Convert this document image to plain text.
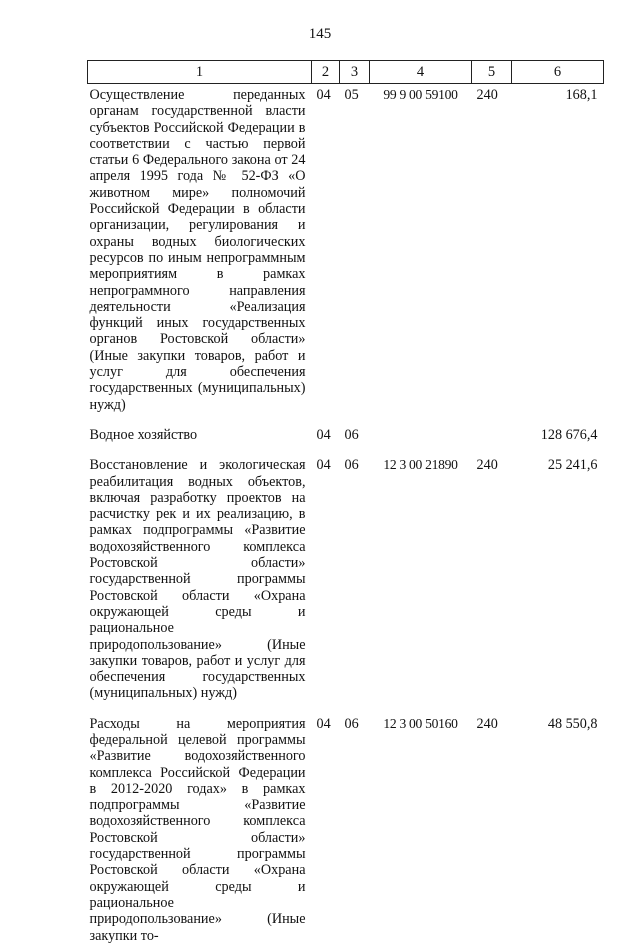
145
1	2	3	4	5	6
Осуществление переданных органам государственной власти субъектов Российской Федерации в соответствии с частью первой статьи 6 Федерального закона от 24 апреля 1995 года № 52-ФЗ «О животном мире» полномочий Российской Федерации в области организации, регулирования и охраны водных биологических ресурсов по иным непрограммным мероприятиям в рамках непрограммного направления деятельности «Реализация функций иных государственных органов Ростовской области» (Иные закупки товаров, работ и услуг для обеспечения государственных (муниципальных) нужд)	04	05	99 9 00 59100	240	168,1
Водное хозяйство	04	06			128 676,4
Восстановление и экологическая реабилитация водных объектов, включая разработку проектов на расчистку рек и их реализацию, в рамках подпрограммы «Развитие водохозяйственного комплекса Ростовской области» государственной программы Ростовской области «Охрана окружающей среды и рациональное природопользование» (Иные закупки товаров, работ и услуг для обеспечения государственных (муниципальных) нужд)	04	06	12 3 00 21890	240	25 241,6
Расходы на мероприятия федеральной целевой программы «Развитие водохозяйственного комплекса Российской Федерации в 2012-2020 годах» в рамках подпрограммы «Развитие водохозяйственного комплекса Ростовской области» государственной программы Ростовской области «Охрана окружающей среды и рациональное природопользование» (Иные закупки то-	04	06	12 3 00 50160	240	48 550,8
